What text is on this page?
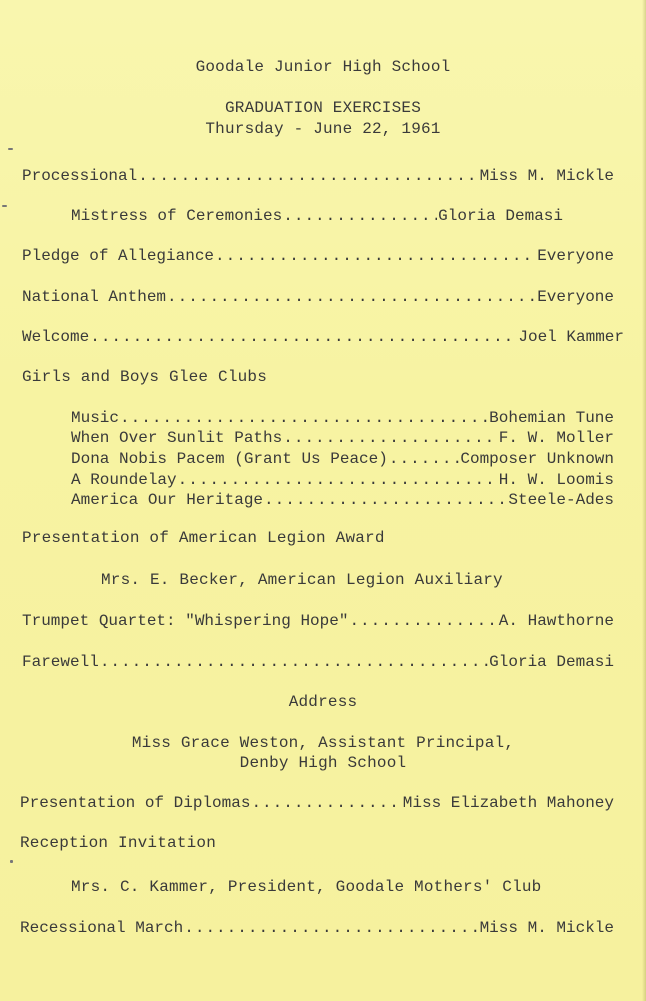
Goodale Junior High School
GRADUATION EXERCISES
Thursday - June 22, 1961
Processional .....	Miss M. Mickle
Mistress of Ceremonies .....	Gloria Demasi
Pledge of Allegiance .....	Everyone
National Anthem .....	Everyone
Welcome .....	Joel Kammer
Girls and Boys Glee Clubs
Music .....	Bohemian Tune
When Over Sunlit Paths .....	F. W. Moller
Dona Nobis Pacem (Grant Us Peace) .....	Composer Unknown
A Roundelay .....	H. W. Loomis
America Our Heritage .....	Steele-Ades
Presentation of American Legion Award
Mrs. E. Becker, American Legion Auxiliary
Trumpet Quartet: "Whispering Hope" .....	A. Hawthorne
Farewell .....	Gloria Demasi
Address
Miss Grace Weston, Assistant Principal,
Denby High School
Presentation of Diplomas .....	Miss Elizabeth Mahoney
Reception Invitation
Mrs. C. Kammer, President, Goodale Mothers' Club
Recessional March .....	Miss M. Mickle
